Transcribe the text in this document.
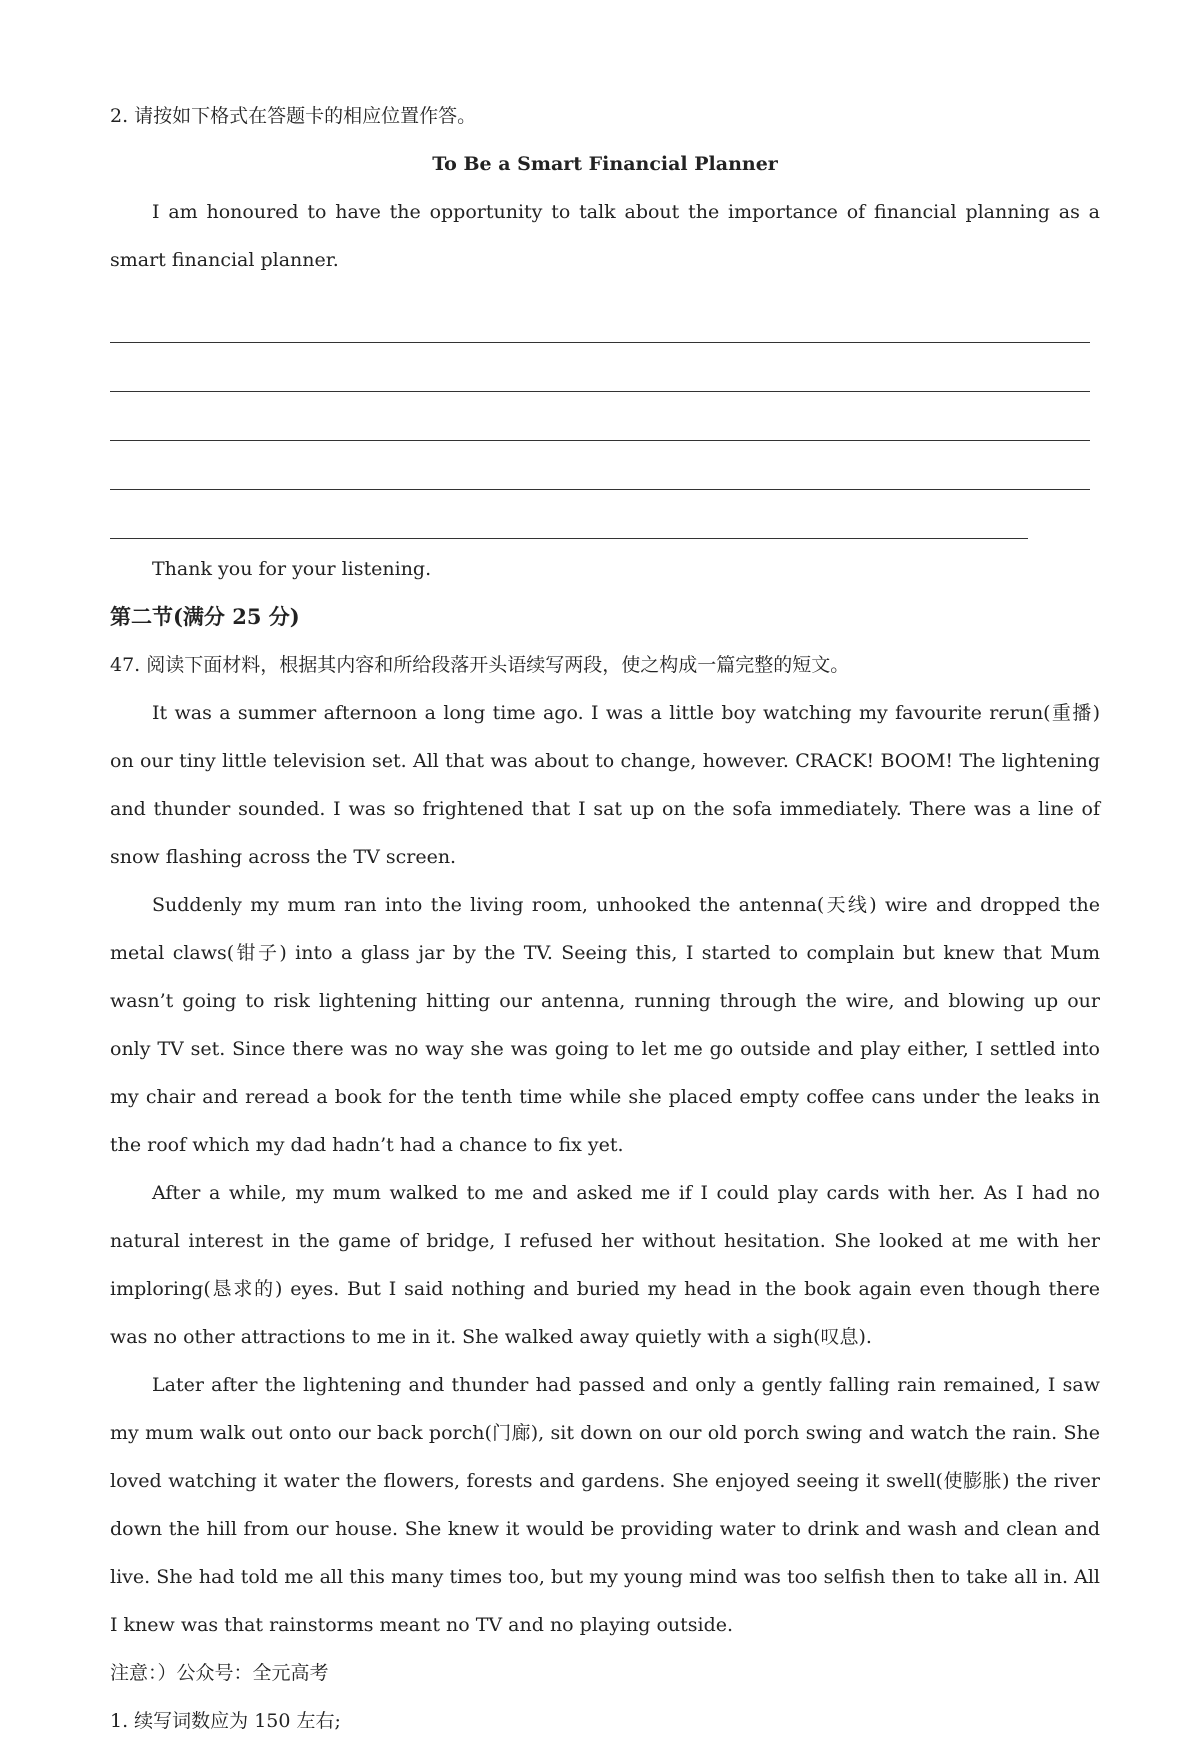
2. 请按如下格式在答题卡的相应位置作答。

To Be a Smart Financial Planner

I am honoured to have the opportunity to talk about the importance of financial planning as a smart financial planner.

Thank you for your listening.

第二节(满分 25 分)

47. 阅读下面材料，根据其内容和所给段落开头语续写两段，使之构成一篇完整的短文。

It was a summer afternoon a long time ago. I was a little boy watching my favourite rerun(重播) on our tiny little television set. All that was about to change, however. CRACK! BOOM! The lightening and thunder sounded. I was so frightened that I sat up on the sofa immediately. There was a line of snow flashing across the TV screen.

Suddenly my mum ran into the living room, unhooked the antenna(天线) wire and dropped the metal claws(钳子) into a glass jar by the TV. Seeing this, I started to complain but knew that Mum wasn’t going to risk lightening hitting our antenna, running through the wire, and blowing up our only TV set. Since there was no way she was going to let me go outside and play either, I settled into my chair and reread a book for the tenth time while she placed empty coffee cans under the leaks in the roof which my dad hadn’t had a chance to fix yet.

After a while, my mum walked to me and asked me if I could play cards with her. As I had no natural interest in the game of bridge, I refused her without hesitation. She looked at me with her imploring(恳求的) eyes. But I said nothing and buried my head in the book again even though there was no other attractions to me in it. She walked away quietly with a sigh(叹息).

Later after the lightening and thunder had passed and only a gently falling rain remained, I saw my mum walk out onto our back porch(门廊), sit down on our old porch swing and watch the rain. She loved watching it water the flowers, forests and gardens. She enjoyed seeing it swell(使膨胀) the river down the hill from our house. She knew it would be providing water to drink and wash and clean and live. She had told me all this many times too, but my young mind was too selfish then to take all in. All I knew was that rainstorms meant no TV and no playing outside.

注意：）公众号：全元高考

1. 续写词数应为 150 左右;
